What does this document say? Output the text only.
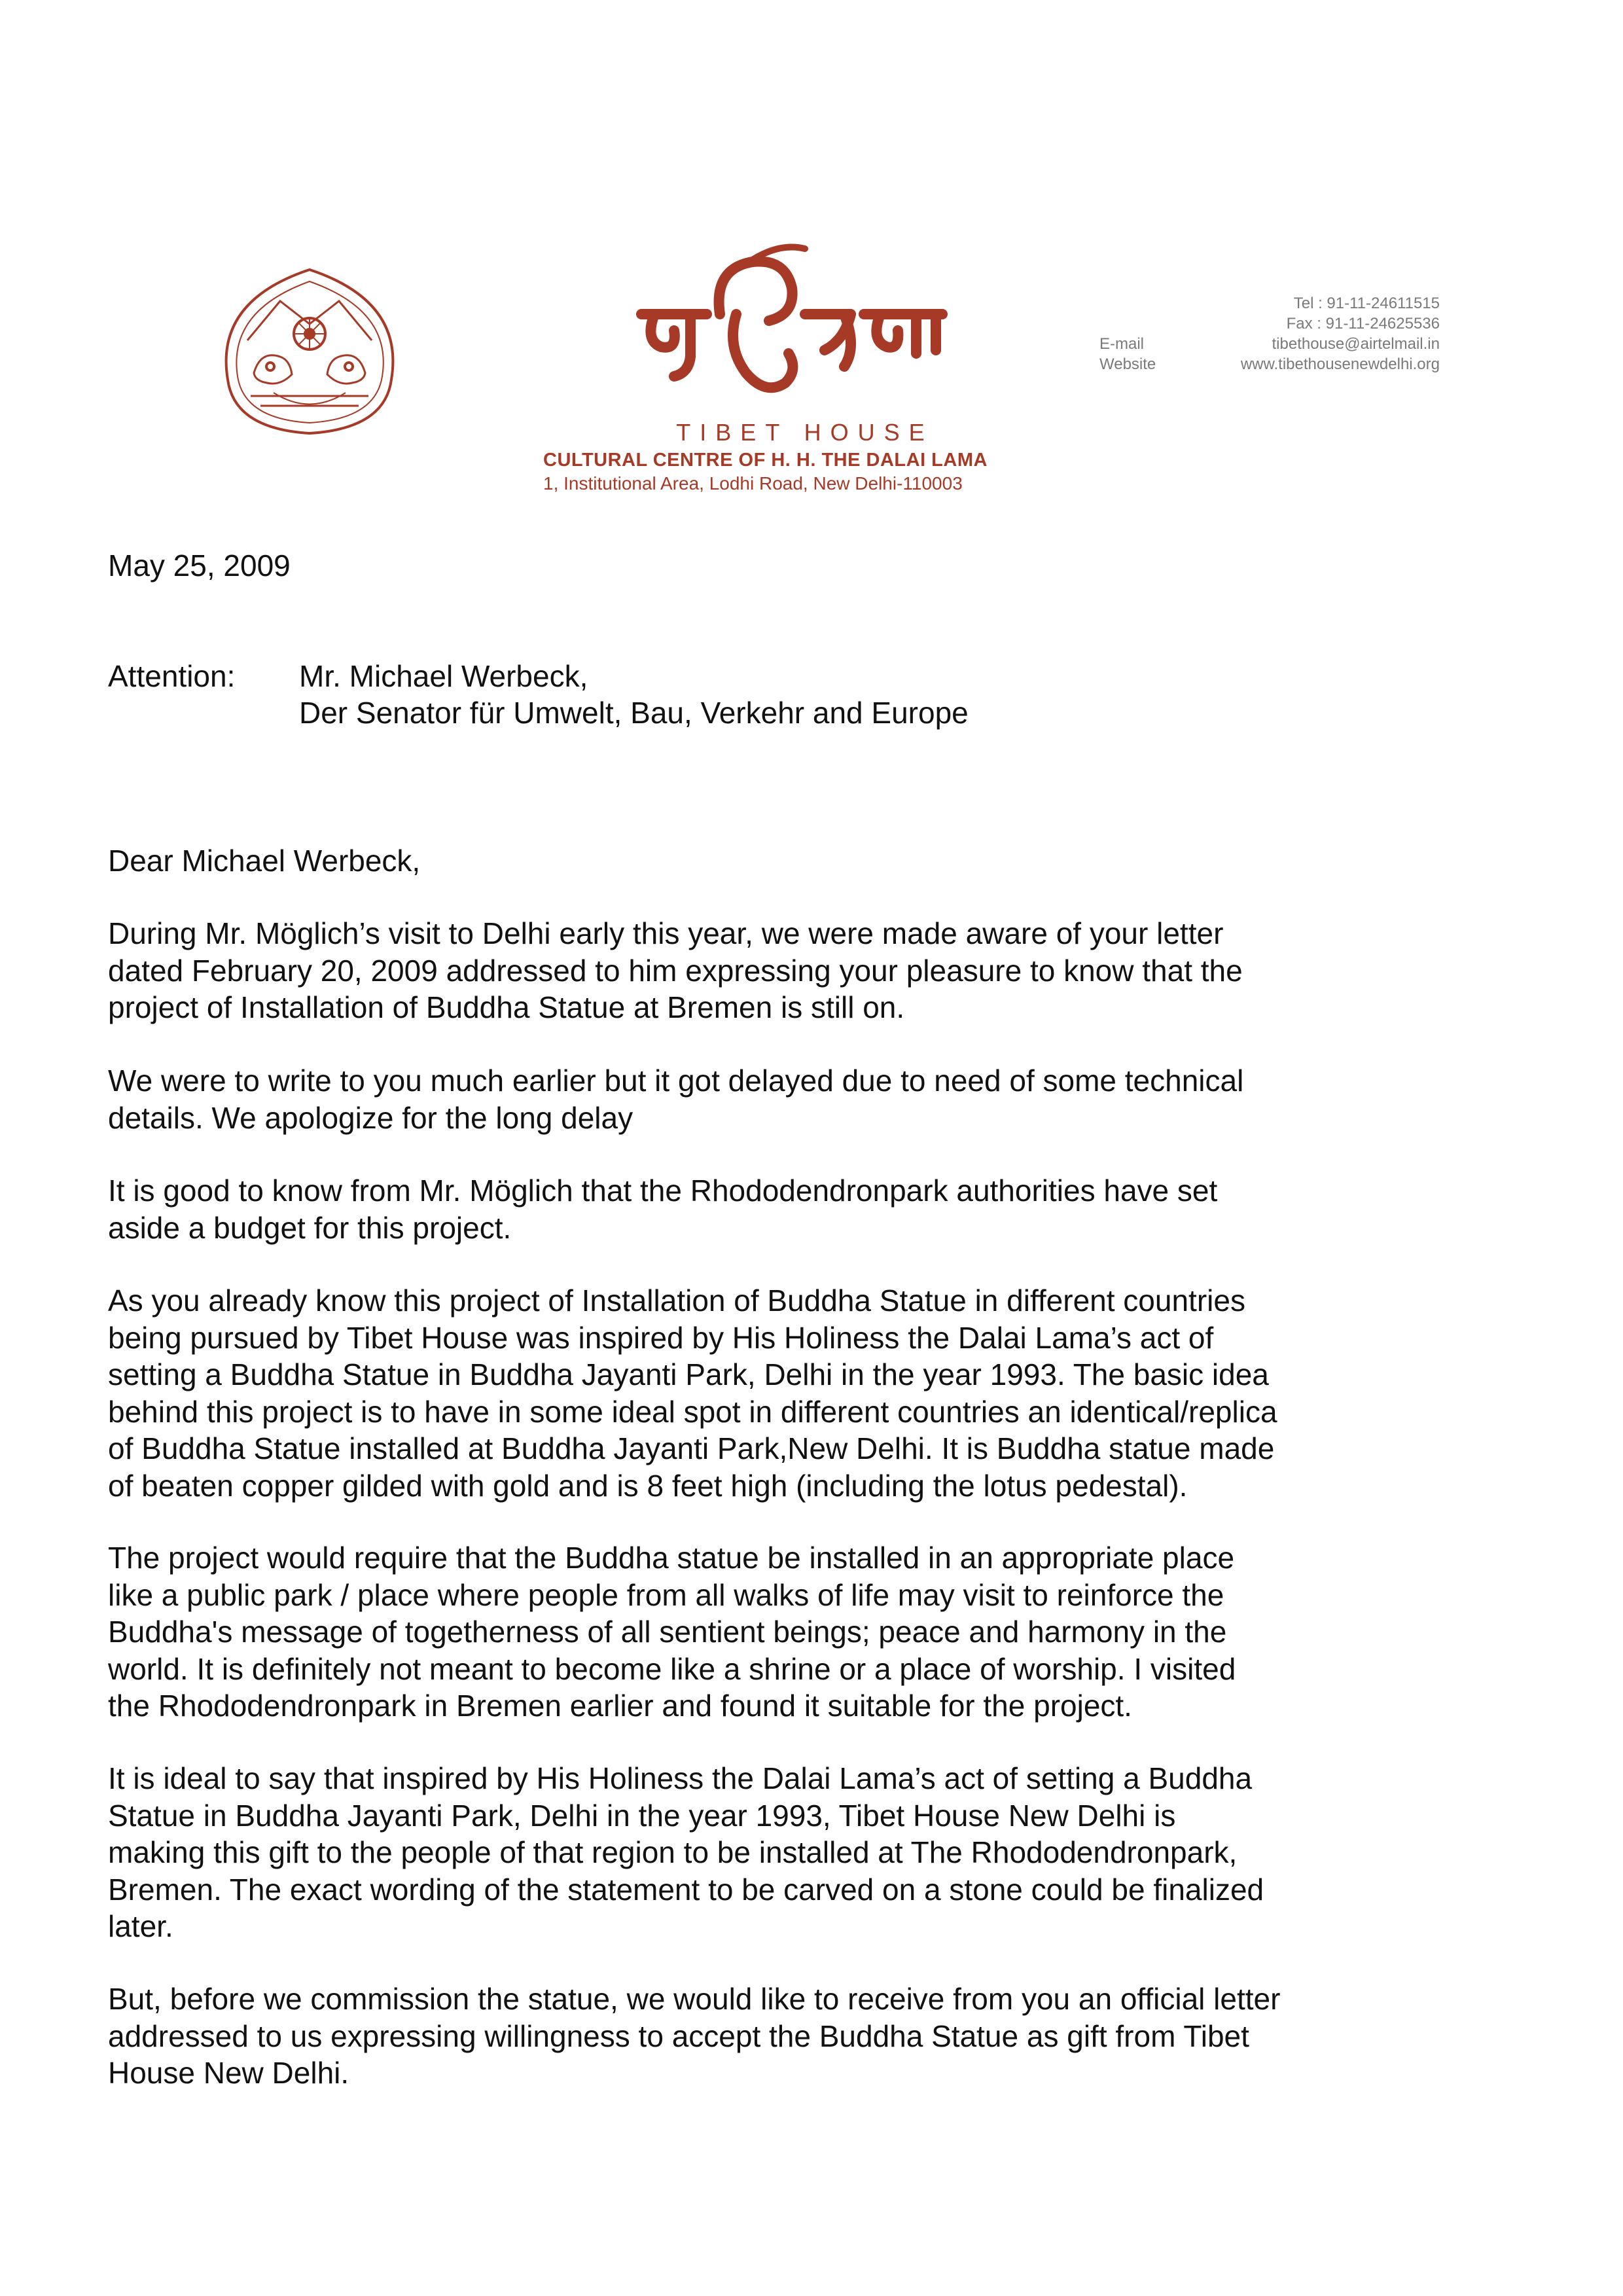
TIBET HOUSE
CULTURAL CENTRE OF H. H. THE DALAI LAMA
1, Institutional Area, Lodhi Road, New Delhi-110003
Tel : 91-11-24611515
Fax : 91-11-24625536
E-mail	tibethouse@airtelmail.in
Website	www.tibethousenewdelhi.org
May 25, 2009
Attention: Mr. Michael Werbeck,
Der Senator für Umwelt, Bau, Verkehr and Europe
Dear Michael Werbeck,
During Mr. Möglich’s visit to Delhi early this year, we were made aware of your letter
dated February 20, 2009 addressed to him expressing your pleasure to know that the
project of Installation of Buddha Statue at Bremen is still on.
We were to write to you much earlier but it got delayed due to need of some technical
details. We apologize for the long delay
It is good to know from Mr. Möglich that the Rhododendronpark authorities have set
aside a budget for this project.
As you already know this project of Installation of Buddha Statue in different countries
being pursued by Tibet House was inspired by His Holiness the Dalai Lama’s act of
setting a Buddha Statue in Buddha Jayanti Park, Delhi in the year 1993. The basic idea
behind this project is to have in some ideal spot in different countries an identical/replica
of Buddha Statue installed at Buddha Jayanti Park,New Delhi. It is Buddha statue made
of beaten copper gilded with gold and is 8 feet high (including the lotus pedestal).
The project would require that the Buddha statue be installed in an appropriate place
like a public park / place where people from all walks of life may visit to reinforce the
Buddha's message of togetherness of all sentient beings; peace and harmony in the
world. It is definitely not meant to become like a shrine or a place of worship. I visited
the Rhododendronpark in Bremen earlier and found it suitable for the project.
It is ideal to say that inspired by His Holiness the Dalai Lama’s act of setting a Buddha
Statue in Buddha Jayanti Park, Delhi in the year 1993, Tibet House New Delhi is
making this gift to the people of that region to be installed at The Rhododendronpark,
Bremen. The exact wording of the statement to be carved on a stone could be finalized
later.
But, before we commission the statue, we would like to receive from you an official letter
addressed to us expressing willingness to accept the Buddha Statue as gift from Tibet
House New Delhi.
